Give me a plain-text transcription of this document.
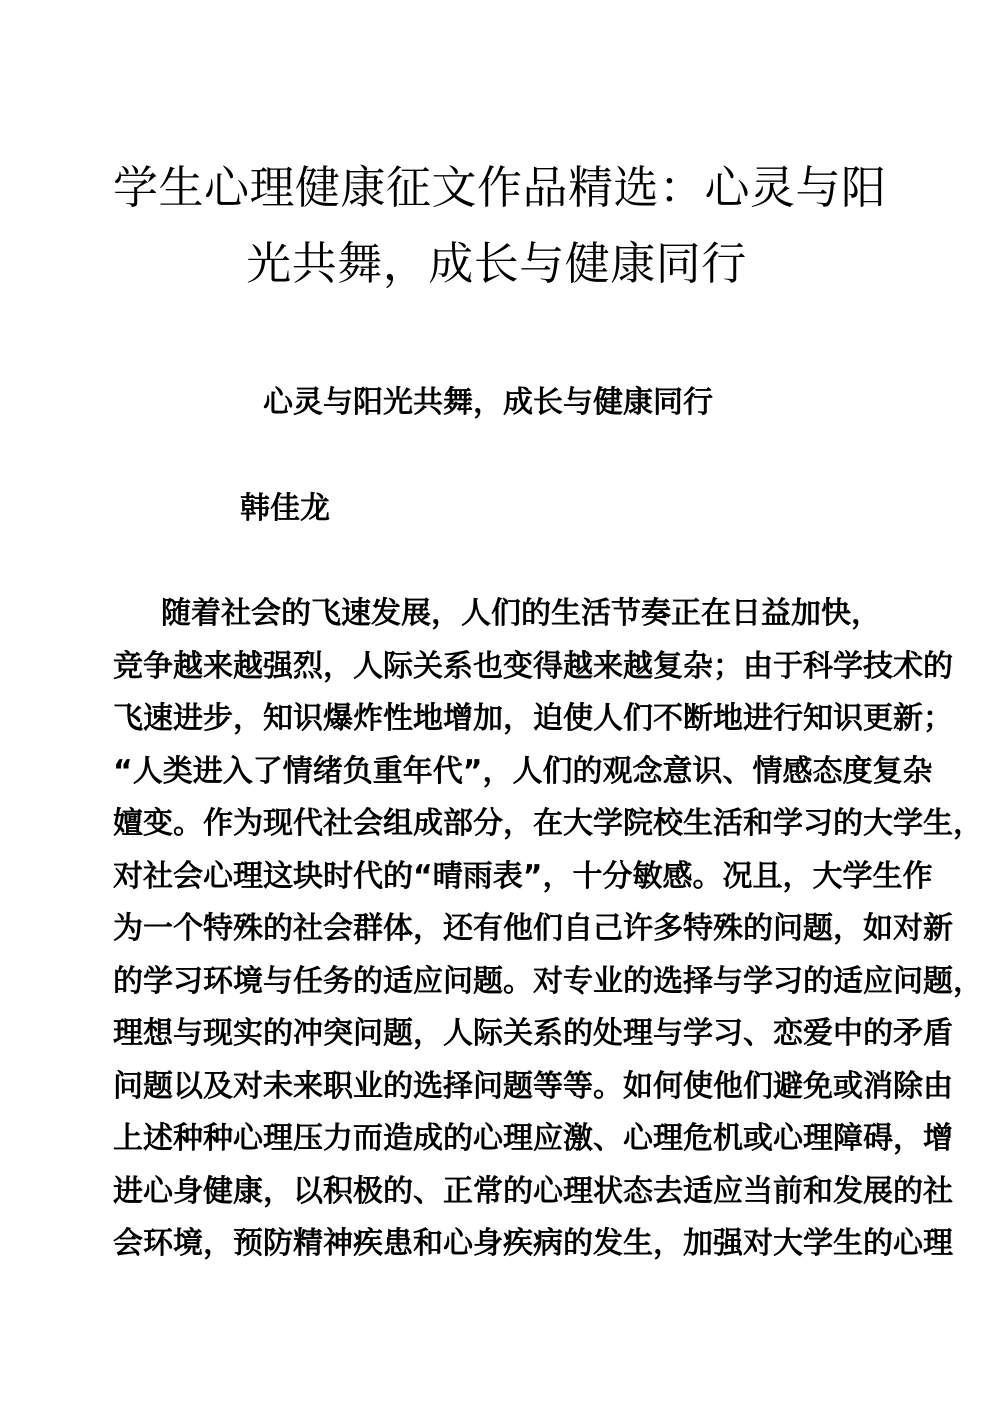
学生心理健康征文作品精选：心灵与阳
光共舞，成长与健康同行
心灵与阳光共舞，成长与健康同行
韩佳龙
随 着 社 会 的 飞 速 发 展 ， 人 们 的 生 活 节 奏 正 在 日 益 加 快 ，
竞 争 越 来 越 强 烈 ， 人 际 关 系 也 变 得 越 来 越 复 杂 ； 由 于 科 学 技 术 的
飞 速 进 步 ， 知 识 爆 炸 性 地 增 加 ， 迫 使 人 们 不 断 地 进 行 知 识 更 新 ；
“ 人 类 进 入 了 情 绪 负 重 年 代 ” ， 人 们 的 观 念 意 识 、 情 感 态 度 复 杂
嬗 变 。 作 为 现 代 社 会 组 成 部 分 ， 在 大 学 院 校 生 活 和 学 习 的 大 学 生 ，
对 社 会 心 理 这 块 时 代 的 “ 晴 雨 表 ” ， 十 分 敏 感 。 况 且 ， 大 学 生 作
为 一 个 特 殊 的 社 会 群 体 ， 还 有 他 们 自 己 许 多 特 殊 的 问 题 ， 如 对 新
的 学 习 环 境 与 任 务 的 适 应 问 题 。 对 专 业 的 选 择 与 学 习 的 适 应 问 题 ，
理 想 与 现 实 的 冲 突 问 题 ， 人 际 关 系 的 处 理 与 学 习 、 恋 爱 中 的 矛 盾
问 题 以 及 对 未 来 职 业 的 选 择 问 题 等 等 。 如 何 使 他 们 避 免 或 消 除 由
上 述 种 种 心 理 压 力 而 造 成 的 心 理 应 激 、 心 理 危 机 或 心 理 障 碍 ， 增
进 心 身 健 康 ， 以 积 极 的 、 正 常 的 心 理 状 态 去 适 应 当 前 和 发 展 的 社
会环境，预防精神疾患和心身疾病的发生，加强对大学生的心理
